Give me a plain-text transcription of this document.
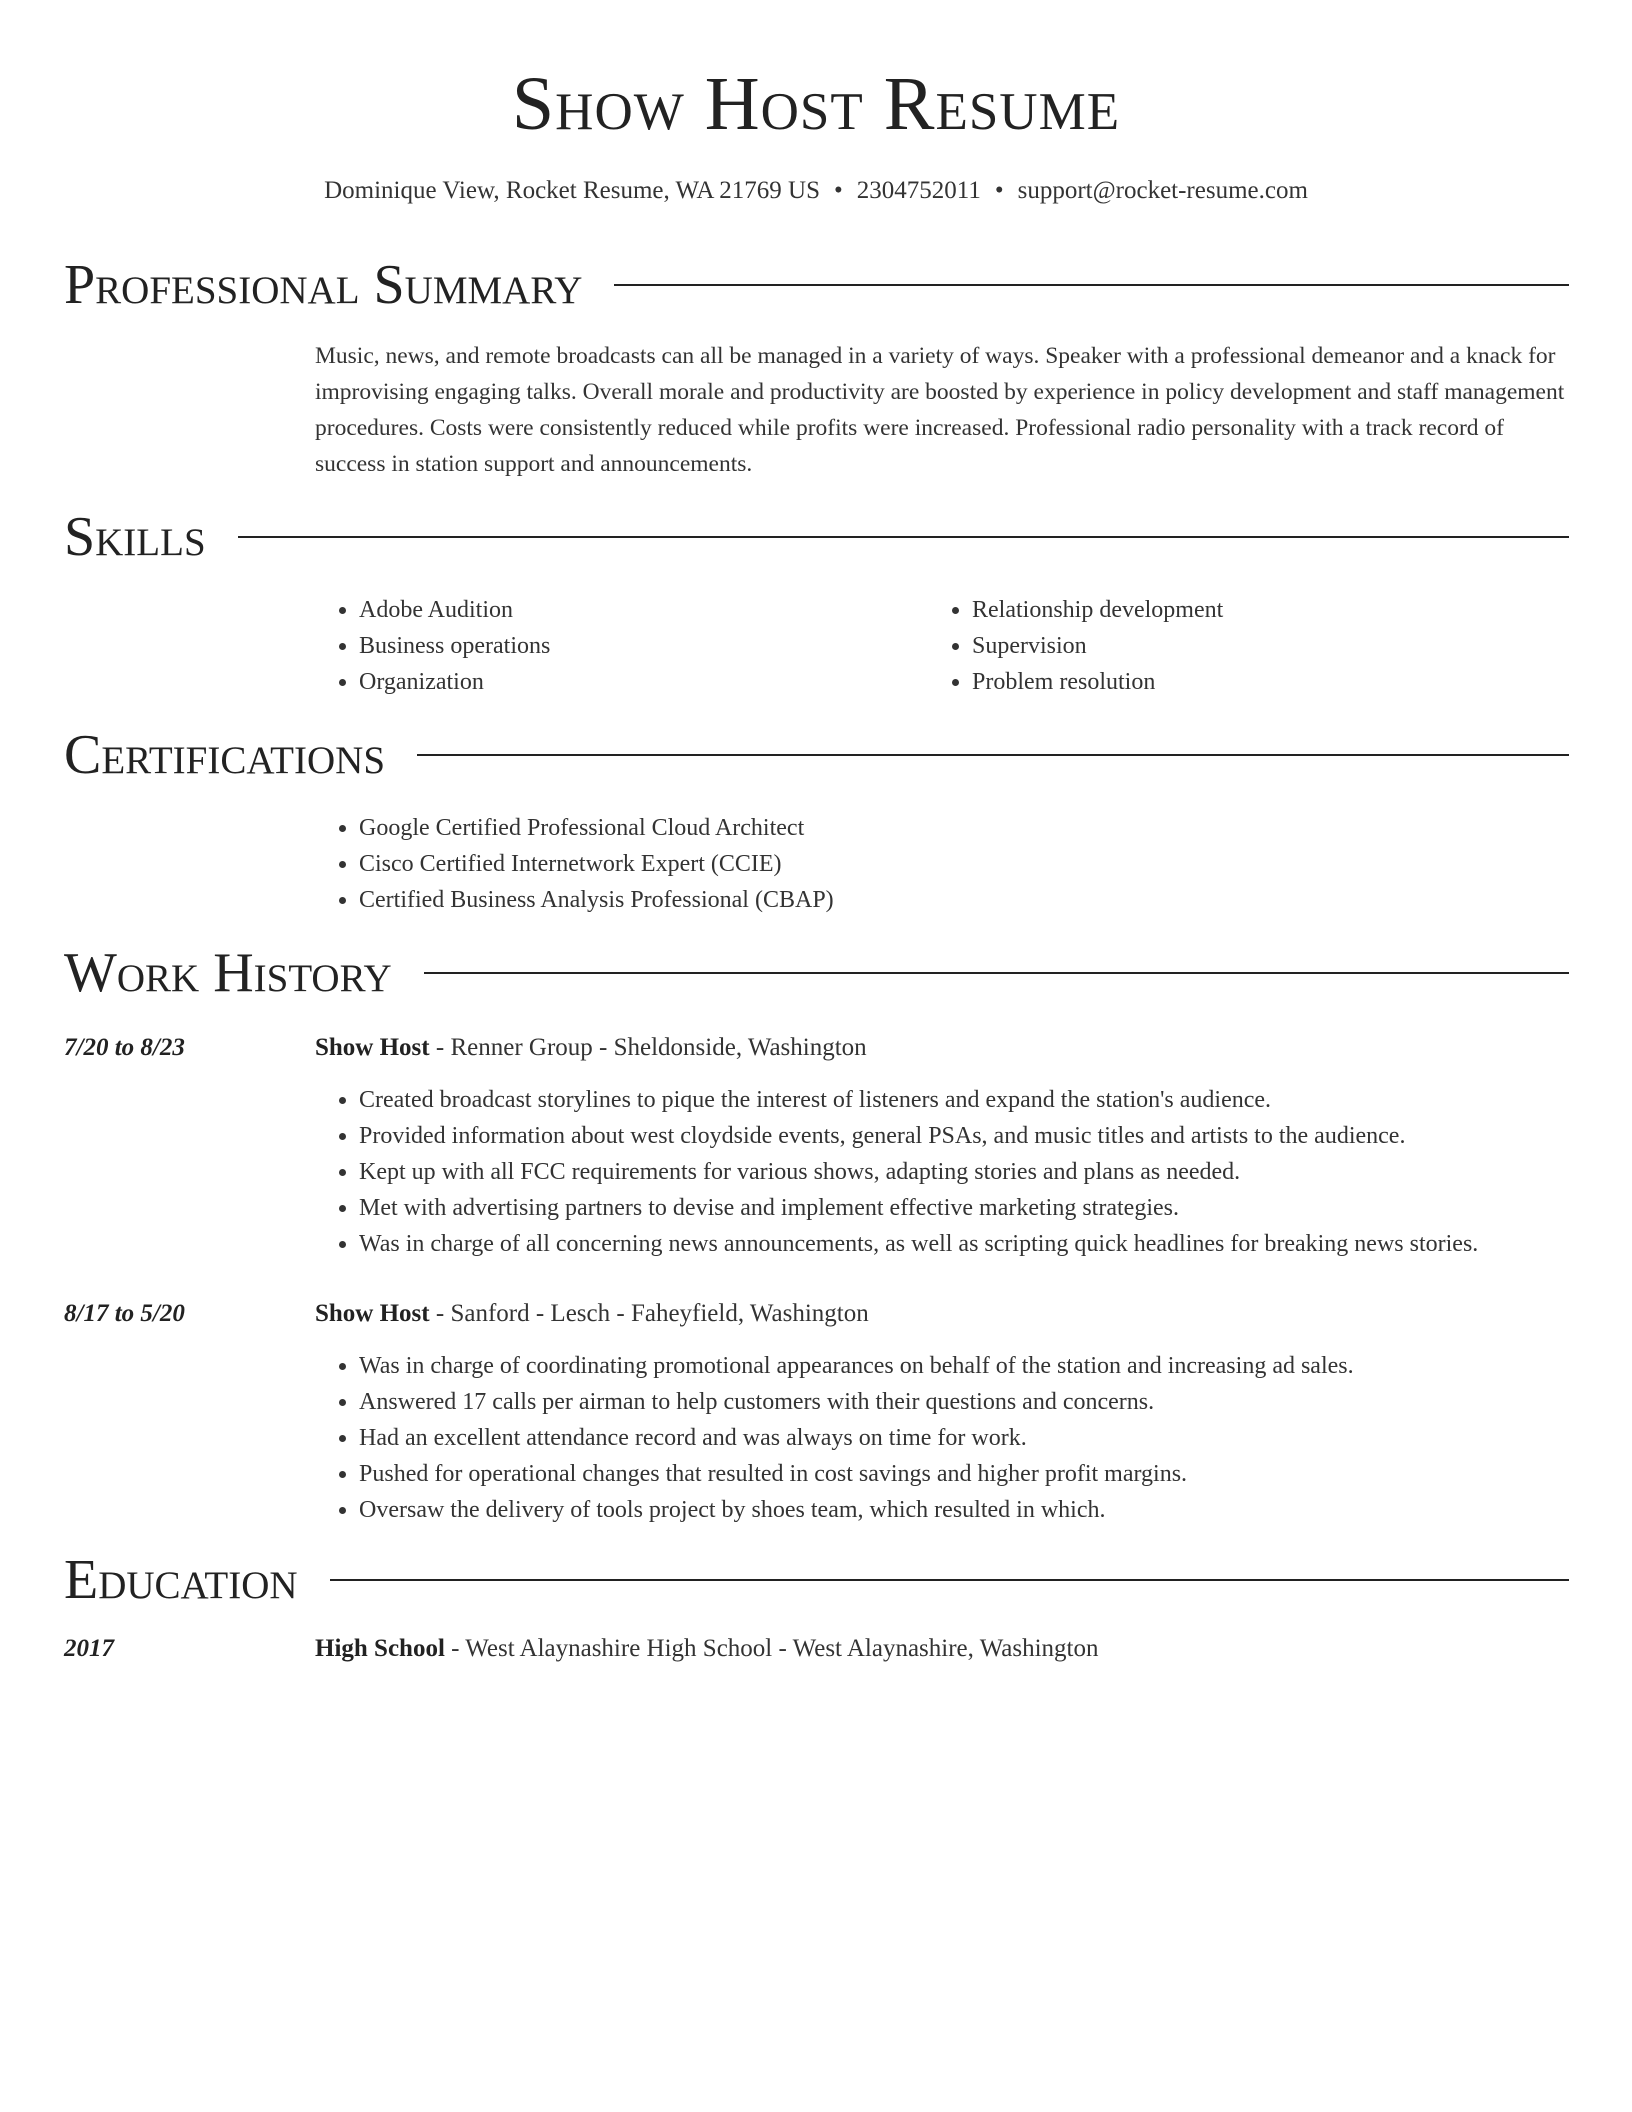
Show Host Resume
Dominique View, Rocket Resume, WA 21769 US • 2304752011 • support@rocket-resume.com
Professional Summary

Music, news, and remote broadcasts can all be managed in a variety of ways. Speaker with a professional demeanor and a knack for improvising engaging talks. Overall morale and productivity are boosted by experience in policy development and staff management procedures. Costs were consistently reduced while profits were increased. Professional radio personality with a track record of success in station support and announcements.

Skills
• Adobe Audition
• Business operations
• Organization
• Relationship development
• Supervision
• Problem resolution
Certifications
• Google Certified Professional Cloud Architect
• Cisco Certified Internetwork Expert (CCIE)
• Certified Business Analysis Professional (CBAP)
Work History
7/20 to 8/23	Show Host - Renner Group - Sheldonside, Washington
• Created broadcast storylines to pique the interest of listeners and expand the station's audience.
• Provided information about west cloydside events, general PSAs, and music titles and artists to the audience.
• Kept up with all FCC requirements for various shows, adapting stories and plans as needed.
• Met with advertising partners to devise and implement effective marketing strategies.
• Was in charge of all concerning news announcements, as well as scripting quick headlines for breaking news stories.
8/17 to 5/20	Show Host - Sanford - Lesch - Faheyfield, Washington
• Was in charge of coordinating promotional appearances on behalf of the station and increasing ad sales.
• Answered 17 calls per airman to help customers with their questions and concerns.
• Had an excellent attendance record and was always on time for work.
• Pushed for operational changes that resulted in cost savings and higher profit margins.
• Oversaw the delivery of tools project by shoes team, which resulted in which.
Education
2017	High School - West Alaynashire High School - West Alaynashire, Washington
